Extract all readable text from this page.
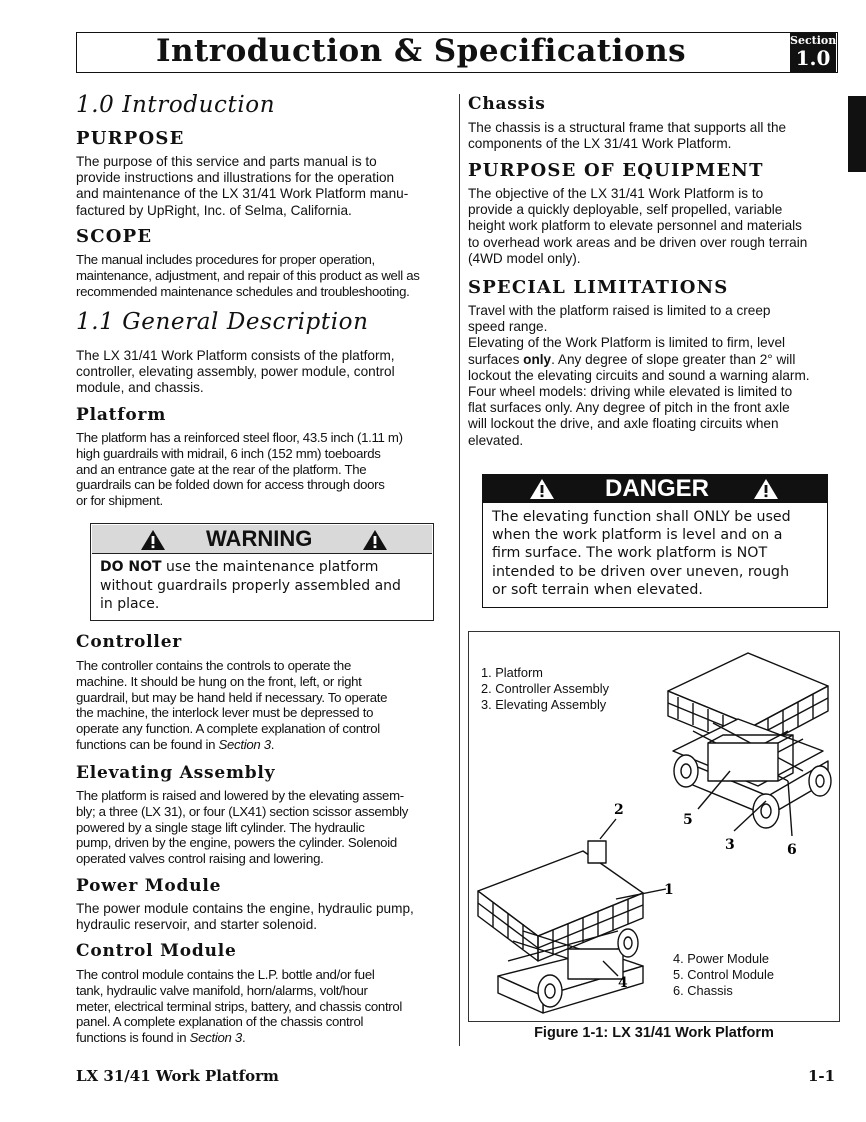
Introduction & Specifications	Section
1.0
1.0 Introduction
PURPOSE
The purpose of this service and parts manual is to
provide instructions and illustrations for the operation
and maintenance of the LX 31/41 Work Platform manu-
factured by UpRight, Inc. of Selma, California.
SCOPE
The manual includes procedures for proper operation,
maintenance, adjustment, and repair of this product as well as
recommended maintenance schedules and troubleshooting.
1.1 General Description
The LX 31/41 Work Platform consists of the platform,
controller, elevating assembly, power module, control
module, and chassis.
Platform
The platform has a reinforced steel floor, 43.5 inch (1.11 m)
high guardrails with midrail, 6 inch (152 mm) toeboards
and an entrance gate at the rear of the platform. The
guardrails can be folded down for access through doors
or for shipment.
WARNING
DO NOT use the maintenance platform
without guardrails properly assembled and
in place.
Controller
The controller contains the controls to operate the
machine. It should be hung on the front, left, or right
guardrail, but may be hand held if necessary. To operate
the machine, the interlock lever must be depressed to
operate any function. A complete explanation of control
functions can be found in Section 3.
Elevating Assembly
The platform is raised and lowered by the elevating assem-
bly; a three (LX 31), or four (LX41) section scissor assembly
powered by a single stage lift cylinder. The hydraulic
pump, driven by the engine, powers the cylinder. Solenoid
operated valves control raising and lowering.
Power Module
The power module contains the engine, hydraulic pump,
hydraulic reservoir, and starter solenoid.
Control Module
The control module contains the L.P. bottle and/or fuel
tank, hydraulic valve manifold, horn/alarms, volt/hour
meter, electrical terminal strips, battery, and chassis control
panel. A complete explanation of the chassis control
functions is found in Section 3.
Chassis
The chassis is a structural frame that supports all the
components of the LX 31/41 Work Platform.
PURPOSE OF EQUIPMENT
The objective of the LX 31/41 Work Platform is to
provide a quickly deployable, self propelled, variable
height work platform to elevate personnel and materials
to overhead work areas and be driven over rough terrain
(4WD model only).
SPECIAL LIMITATIONS
Travel with the platform raised is limited to a creep
speed range.
Elevating of the Work Platform is limited to firm, level
surfaces only. Any degree of slope greater than 2° will
lockout the elevating circuits and sound a warning alarm.
Four wheel models: driving while elevated is limited to
flat surfaces only. Any degree of pitch in the front axle
will lockout the drive, and axle floating circuits when
elevated.
DANGER
The elevating function shall ONLY be used
when the work platform is level and on a
firm surface. The work platform is NOT
intended to be driven over uneven, rough
or soft terrain when elevated.
1. Platform
2. Controller Assembly
3. Elevating Assembly
4. Power Module
5. Control Module
6. Chassis
2
1
4
5
3	6
Figure 1-1: LX 31/41 Work Platform
LX 31/41 Work Platform	1-1
